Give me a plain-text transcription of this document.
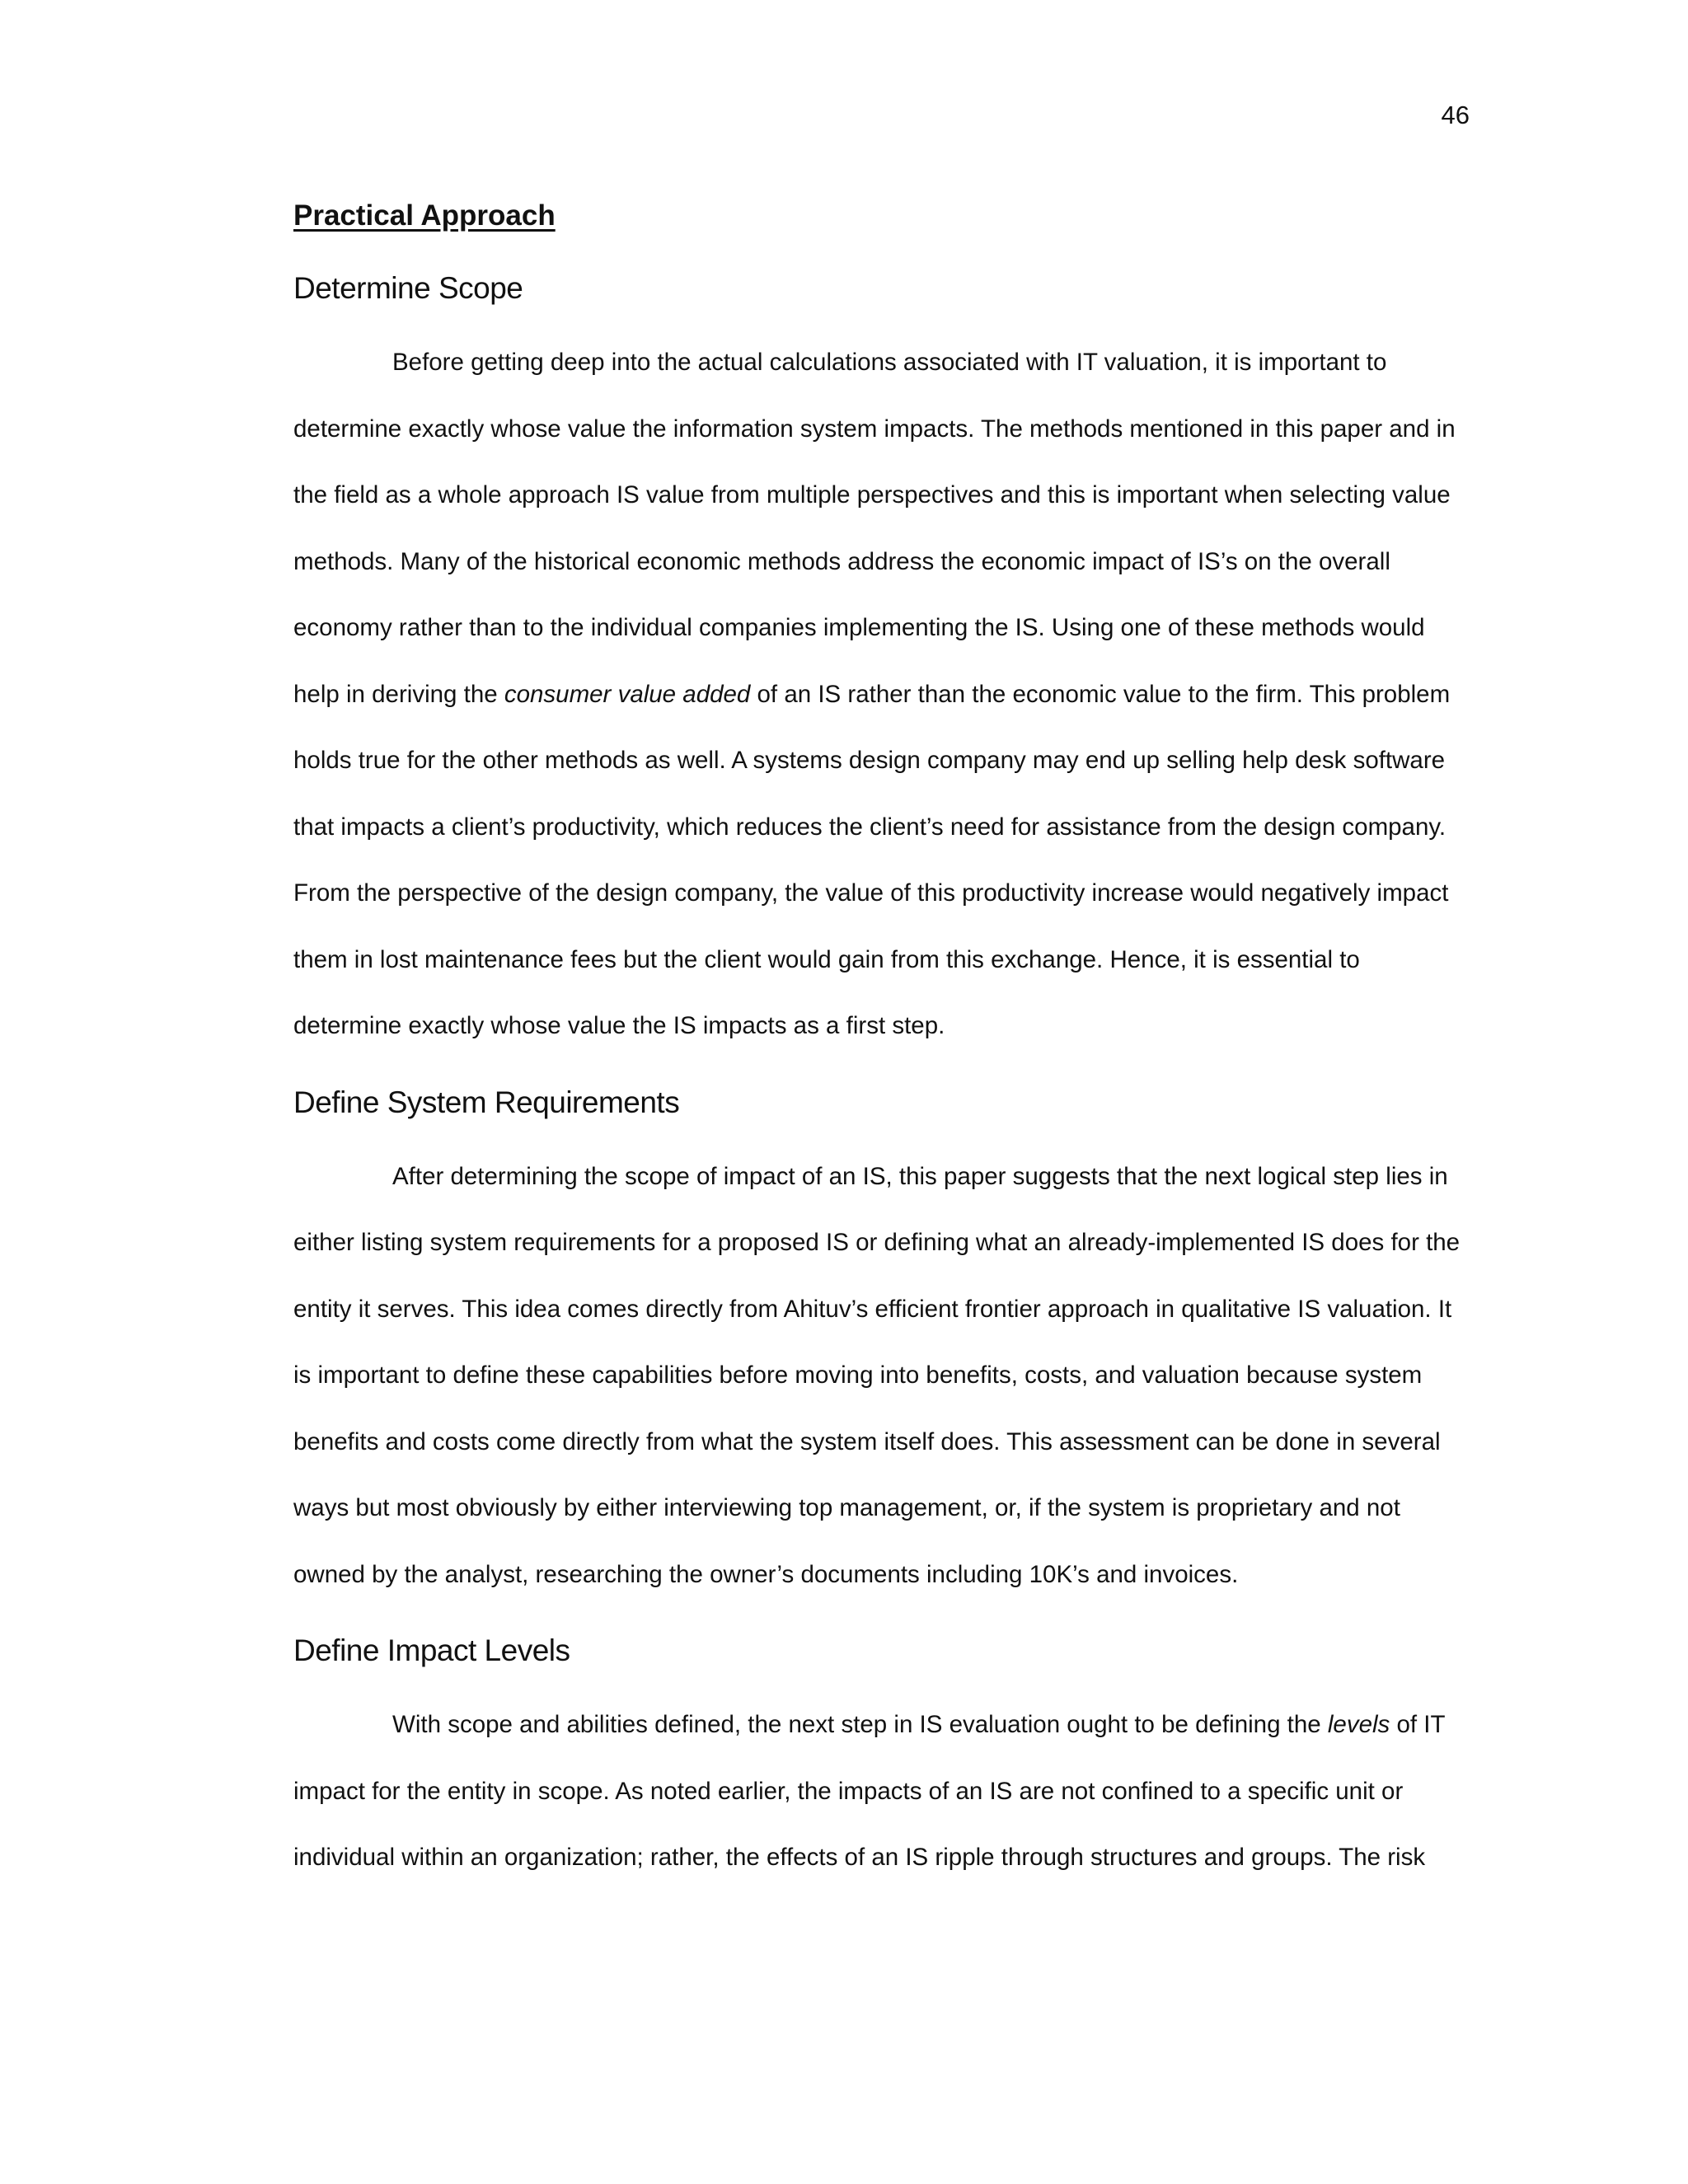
46
Practical Approach
Determine Scope

Before getting deep into the actual calculations associated with IT valuation, it is important to determine exactly whose value the information system impacts. The methods mentioned in this paper and in the field as a whole approach IS value from multiple perspectives and this is important when selecting value methods. Many of the historical economic methods address the economic impact of IS’s on the overall economy rather than to the individual companies implementing the IS. Using one of these methods would help in deriving the consumer value added of an IS rather than the economic value to the firm. This problem holds true for the other methods as well. A systems design company may end up selling help desk software that impacts a client’s productivity, which reduces the client’s need for assistance from the design company. From the perspective of the design company, the value of this productivity increase would negatively impact them in lost maintenance fees but the client would gain from this exchange. Hence, it is essential to determine exactly whose value the IS impacts as a first step.

Define System Requirements

After determining the scope of impact of an IS, this paper suggests that the next logical step lies in either listing system requirements for a proposed IS or defining what an already-implemented IS does for the entity it serves. This idea comes directly from Ahituv’s efficient frontier approach in qualitative IS valuation. It is important to define these capabilities before moving into benefits, costs, and valuation because system benefits and costs come directly from what the system itself does. This assessment can be done in several ways but most obviously by either interviewing top management, or, if the system is proprietary and not owned by the analyst, researching the owner’s documents including 10K’s and invoices.

Define Impact Levels

With scope and abilities defined, the next step in IS evaluation ought to be defining the levels of IT impact for the entity in scope. As noted earlier, the impacts of an IS are not confined to a specific unit or individual within an organization; rather, the effects of an IS ripple through structures and groups. The risk
